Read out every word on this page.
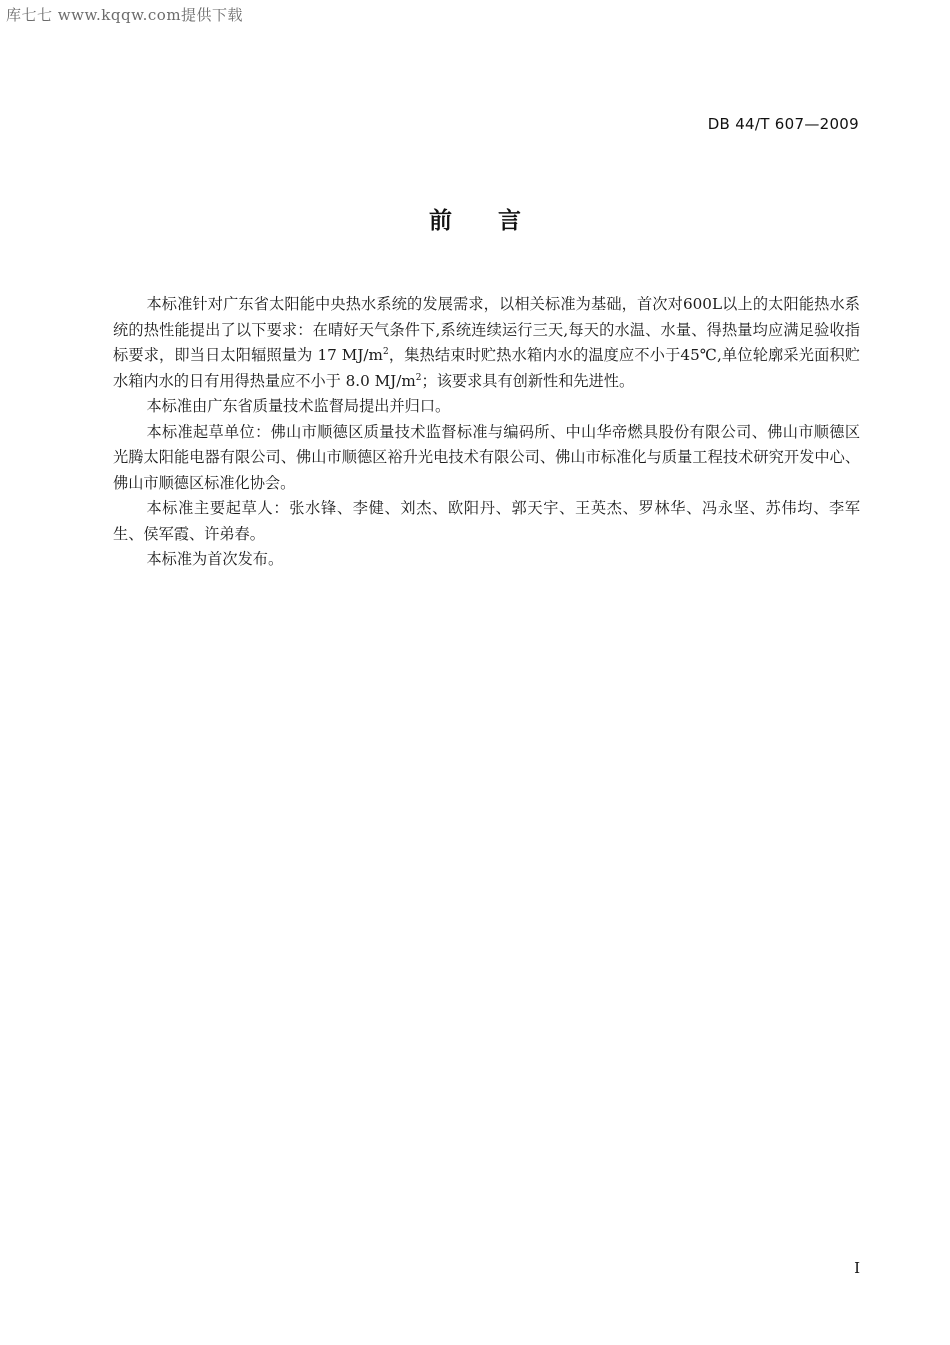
库七七 www.kqqw.com提供下载
DB 44/T 607—2009
前言

本标准针对广东省太阳能中央热水系统的发展需求，以相关标准为基础，首次对600L以上的太阳能热水系统的热性能提出了以下要求：在晴好天气条件下,系统连续运行三天,每天的水温、水量、得热量均应满足验收指标要求，即当日太阳辐照量为 17 $MJ/m^2$，集热结束时贮热水箱内水的温度应不小于45℃,单位轮廓采光面积贮水箱内水的日有用得热量应不小于 8.0 $MJ/m^2$；该要求具有创新性和先进性。

本标准由广东省质量技术监督局提出并归口。

本标准起草单位：佛山市顺德区质量技术监督标准与编码所、中山华帝燃具股份有限公司、佛山市顺德区光腾太阳能电器有限公司、佛山市顺德区裕升光电技术有限公司、佛山市标准化与质量工程技术研究开发中心、佛山市顺德区标准化协会。

本标准主要起草人：张水锋、李健、刘杰、欧阳丹、郭天宇、王英杰、罗林华、冯永坚、苏伟均、李军生、侯军霞、许弟春。

本标准为首次发布。

I
